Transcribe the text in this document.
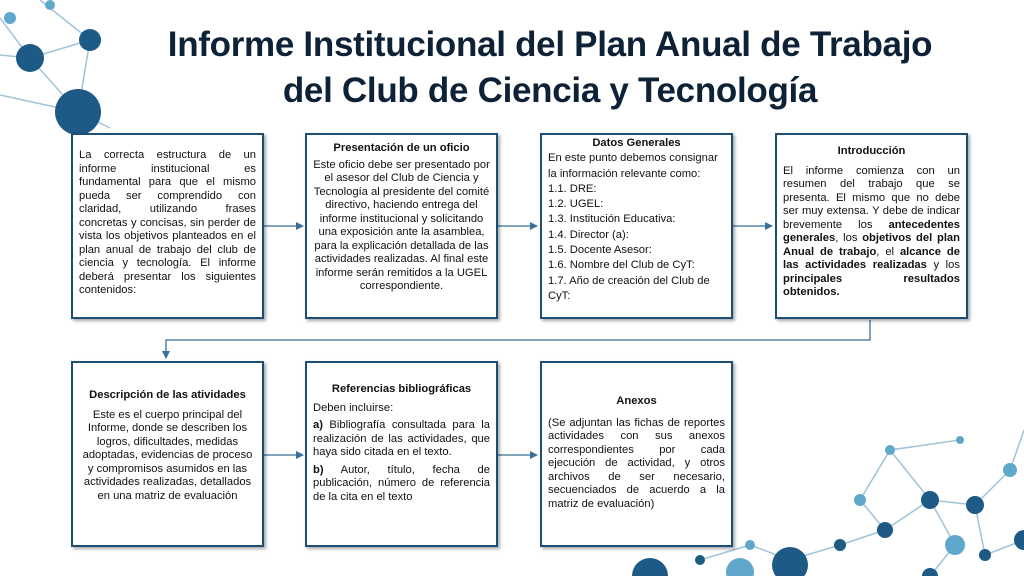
Informe Institucional del Plan Anual de Trabajo
del Club de Ciencia y Tecnología
La correcta estructura de un informe institucional es fundamental para que el mismo pueda ser comprendido con claridad, utilizando frases concretas y concisas, sin perder de vista los objetivos planteados en el plan anual de trabajo del club de ciencia y tecnología. El informe deberá presentar los siguientes contenidos:
Presentación de un oficio
Este oficio debe ser presentado por el asesor del Club de Ciencia y Tecnología al presidente del comité directivo, haciendo entrega del informe institucional y solicitando una exposición ante la asamblea, para la explicación detallada de las actividades realizadas. Al final este informe serán remitidos a la UGEL correspondiente.
Datos Generales
En este punto debemos consignar la información relevante como:
1.1. DRE:
1.2. UGEL:
1.3. Institución Educativa:
1.4. Director (a):
1.5. Docente Asesor:
1.6. Nombre del Club de CyT:
1.7. Año de creación del Club de CyT:
Introducción
El informe comienza con un resumen del trabajo que se presenta. El mismo que no debe ser muy extensa. Y debe de indicar brevemente los antecedentes generales, los objetivos del plan Anual de trabajo, el alcance de las actividades realizadas y los principales resultados obtenidos.
Descripción de las atividades
Este es el cuerpo principal del Informe, donde se describen los logros, dificultades, medidas adoptadas, evidencias de proceso y compromisos asumidos en las actividades realizadas, detallados en una matriz de evaluación
Referencias bibliográficas
Deben incluirse:
a) Bibliografía consultada para la realización de las actividades, que haya sido citada en el texto.
b) Autor, título, fecha de publicación, número de referencia de la cita en el texto
Anexos
(Se adjuntan las fichas de reportes actividades con sus anexos correspondientes por cada ejecución de actividad, y otros archivos de ser necesario, secuenciados de acuerdo a la matriz de evaluación)
